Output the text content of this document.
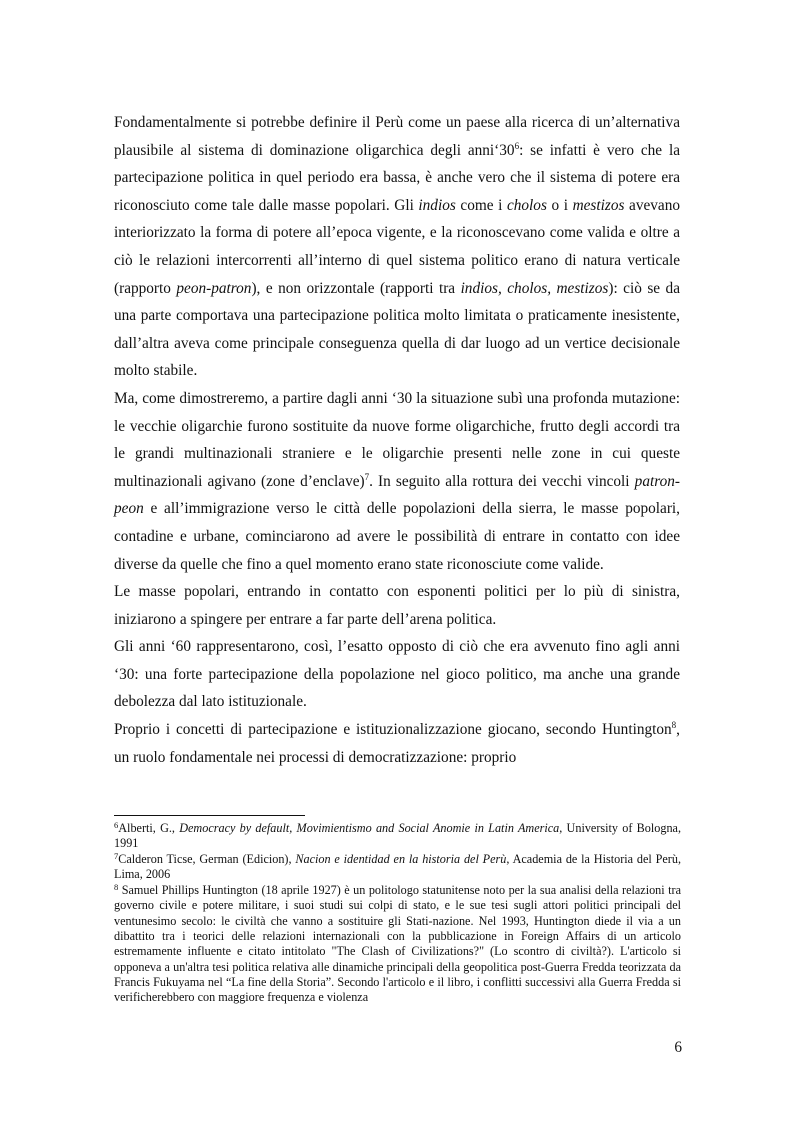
Fondamentalmente si potrebbe definire il Perù come un paese alla ricerca di un’alternativa plausibile al sistema di dominazione oligarchica degli $anni‘30^6$: se infatti è vero che la partecipazione politica in quel periodo era bassa, è anche vero che il sistema di potere era riconosciuto come tale dalle masse popolari. Gli indios come i cholos o i mestizos avevano interiorizzato la forma di potere all’epoca vigente, e la riconoscevano come valida e oltre a ciò le relazioni intercorrenti all’interno di quel sistema politico erano di natura verticale (rapporto peon-patron), e non orizzontale (rapporti tra indios, cholos, mestizos): ciò se da una parte comportava una partecipazione politica molto limitata o praticamente inesistente, dall’altra aveva come principale conseguenza quella di dar luogo ad un vertice decisionale molto stabile.

Ma, come dimostreremo, a partire dagli anni ‘30 la situazione subì una profonda mutazione: le vecchie oligarchie furono sostituite da nuove forme oligarchiche, frutto degli accordi tra le grandi multinazionali straniere e le oligarchie presenti nelle zone in cui queste multinazionali agivano (zone d’enclave)$^7$. In seguito alla rottura dei vecchi vincoli patron-peon e all’immigrazione verso le città delle popolazioni della sierra, le masse popolari, contadine e urbane, cominciarono ad avere le possibilità di entrare in contatto con idee diverse da quelle che fino a quel momento erano state riconosciute come valide.

Le masse popolari, entrando in contatto con esponenti politici per lo più di sinistra, iniziarono a spingere per entrare a far parte dell’arena politica.

Gli anni ‘60 rappresentarono, così, l’esatto opposto di ciò che era avvenuto fino agli anni ‘30: una forte partecipazione della popolazione nel gioco politico, ma anche una grande debolezza dal lato istituzionale.

Proprio i concetti di partecipazione e istituzionalizzazione giocano, secondo Huntington$^8$, un ruolo fondamentale nei processi di democratizzazione: proprio

$^6$Alberti, G., Democracy by default, Movimientismo and Social Anomie in Latin America, University of Bologna, 1991

$^7$Calderon Ticse, German (Edicion), Nacion e identidad en la historia del Perù, Academia de la Historia del Perù, Lima, 2006

$^8$ Samuel Phillips Huntington (18 aprile 1927) è un politologo statunitense noto per la sua analisi della relazioni tra governo civile e potere militare, i suoi studi sui colpi di stato, e le sue tesi sugli attori politici principali del ventunesimo secolo: le civiltà che vanno a sostituire gli Stati-nazione. Nel 1993, Huntington diede il via a un dibattito tra i teorici delle relazioni internazionali con la pubblicazione in Foreign Affairs di un articolo estremamente influente e citato intitolato "The Clash of Civilizations?" (Lo scontro di civiltà?). L'articolo si opponeva a un'altra tesi politica relativa alle dinamiche principali della geopolitica post-Guerra Fredda teorizzata da Francis Fukuyama nel “La fine della Storia”. Secondo l'articolo e il libro, i conflitti successivi alla Guerra Fredda si verificherebbero con maggiore frequenza e violenza

6
